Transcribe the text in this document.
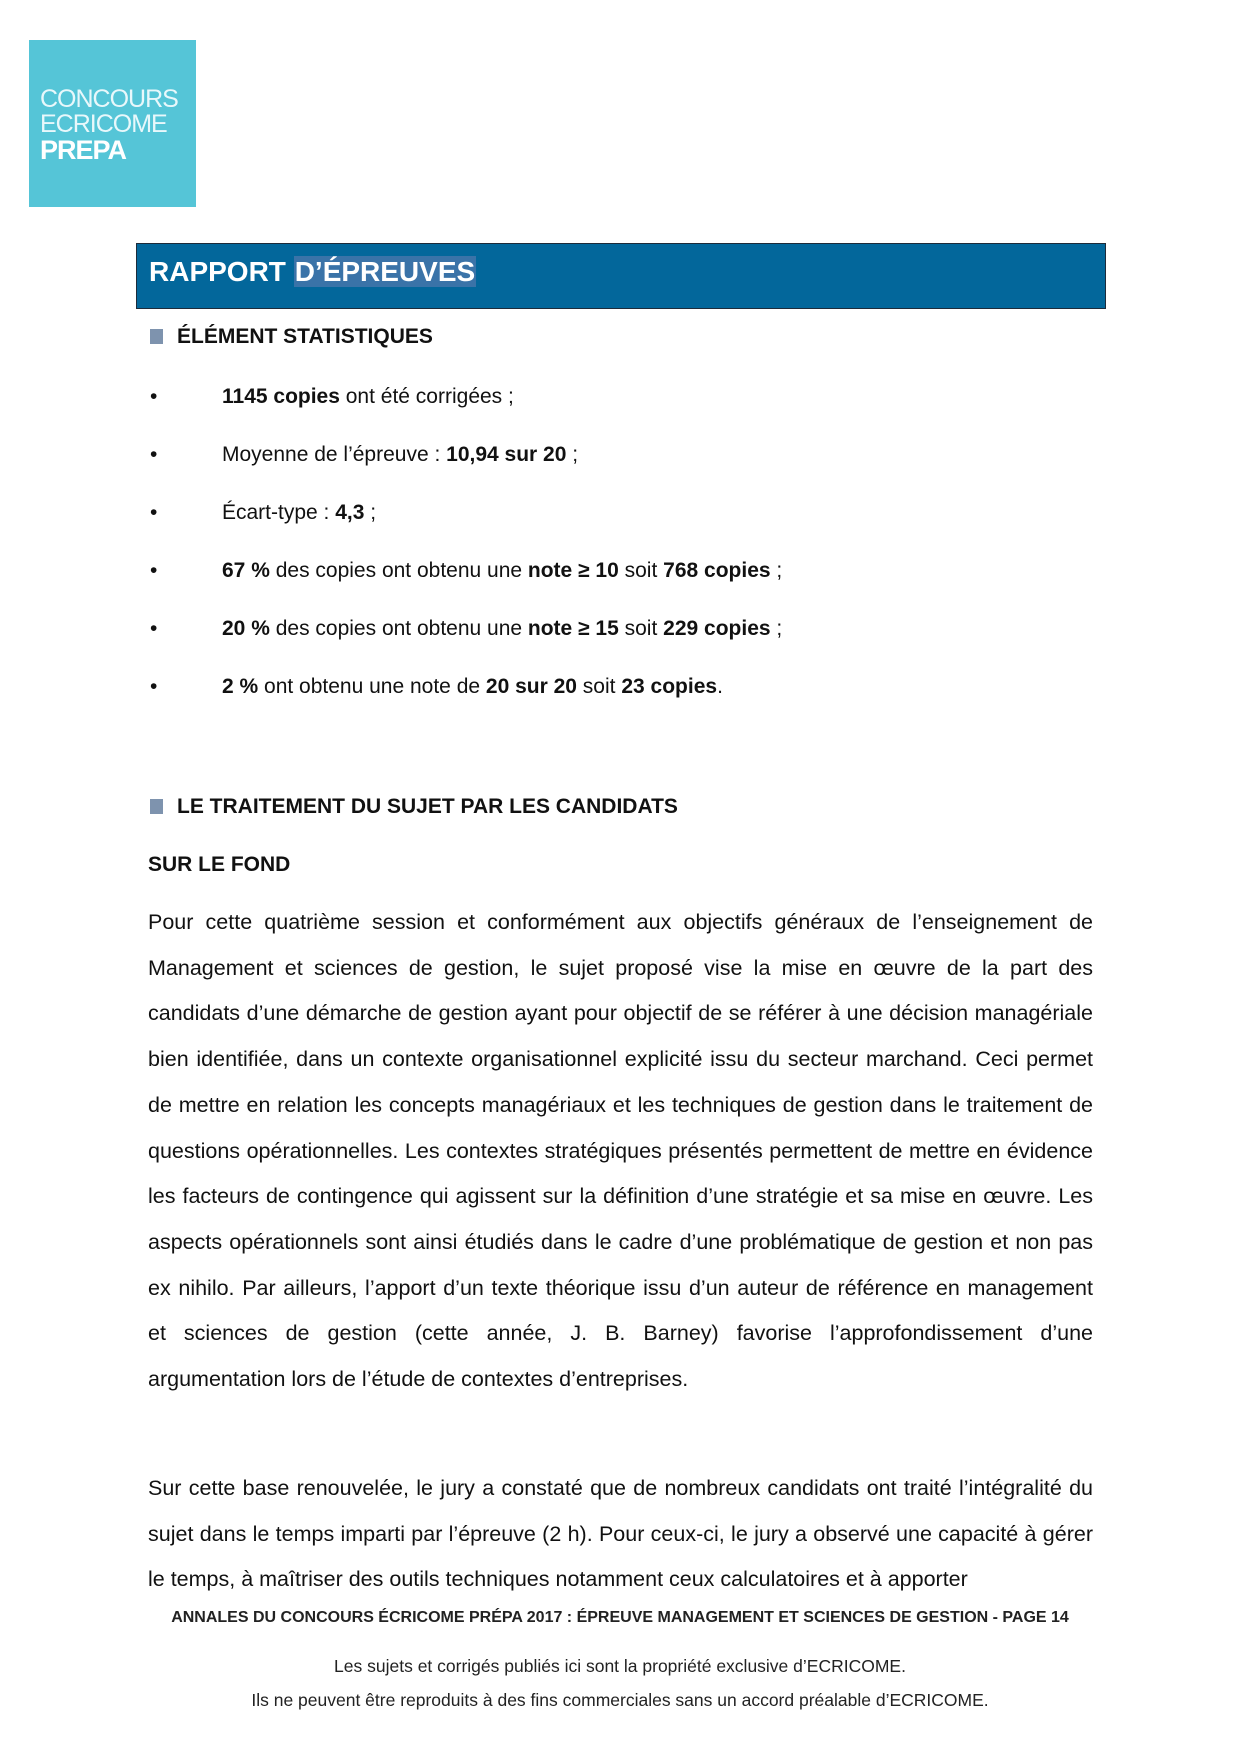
CONCOURS
ECRICOME
PREPA
RAPPORT D’ÉPREUVES
ÉLÉMENT STATISTIQUES
•	1145 copies ont été corrigées ;
•	Moyenne de l’épreuve : 10,94 sur 20 ;
•	Écart-type : 4,3 ;
•	67 % des copies ont obtenu une note ≥ 10 soit 768 copies ;
•	20 % des copies ont obtenu une note ≥ 15 soit 229 copies ;
•	2 % ont obtenu une note de 20 sur 20 soit 23 copies.
LE TRAITEMENT DU SUJET PAR LES CANDIDATS
SUR LE FOND
Pour cette quatrième session et conformément aux objectifs généraux de l’enseignement de Management et sciences de gestion, le sujet proposé vise la mise en œuvre de la part des candidats d’une démarche de gestion ayant pour objectif de se référer à une décision managériale bien identifiée, dans un contexte organisationnel explicité issu du secteur marchand. Ceci permet de mettre en relation les concepts managériaux et les techniques de gestion dans le traitement de questions opérationnelles. Les contextes stratégiques présentés permettent de mettre en évidence les facteurs de contingence qui agissent sur la définition d’une stratégie et sa mise en œuvre. Les aspects opérationnels sont ainsi étudiés dans le cadre d’une problématique de gestion et non pas ex nihilo. Par ailleurs, l’apport d’un texte théorique issu d’un auteur de référence en management et sciences de gestion (cette année, J. B. Barney) favorise l’approfondissement d’une argumentation lors de l’étude de contextes d’entreprises.
Sur cette base renouvelée, le jury a constaté que de nombreux candidats ont traité l’intégralité du sujet dans le temps imparti par l’épreuve (2 h). Pour ceux-ci, le jury a observé une capacité à gérer le temps, à maîtriser des outils techniques notamment ceux calculatoires et à apporter
ANNALES DU CONCOURS ÉCRICOME PRÉPA 2017 : ÉPREUVE MANAGEMENT ET SCIENCES DE GESTION - PAGE 14
Les sujets et corrigés publiés ici sont la propriété exclusive d’ECRICOME.
Ils ne peuvent être reproduits à des fins commerciales sans un accord préalable d’ECRICOME.
